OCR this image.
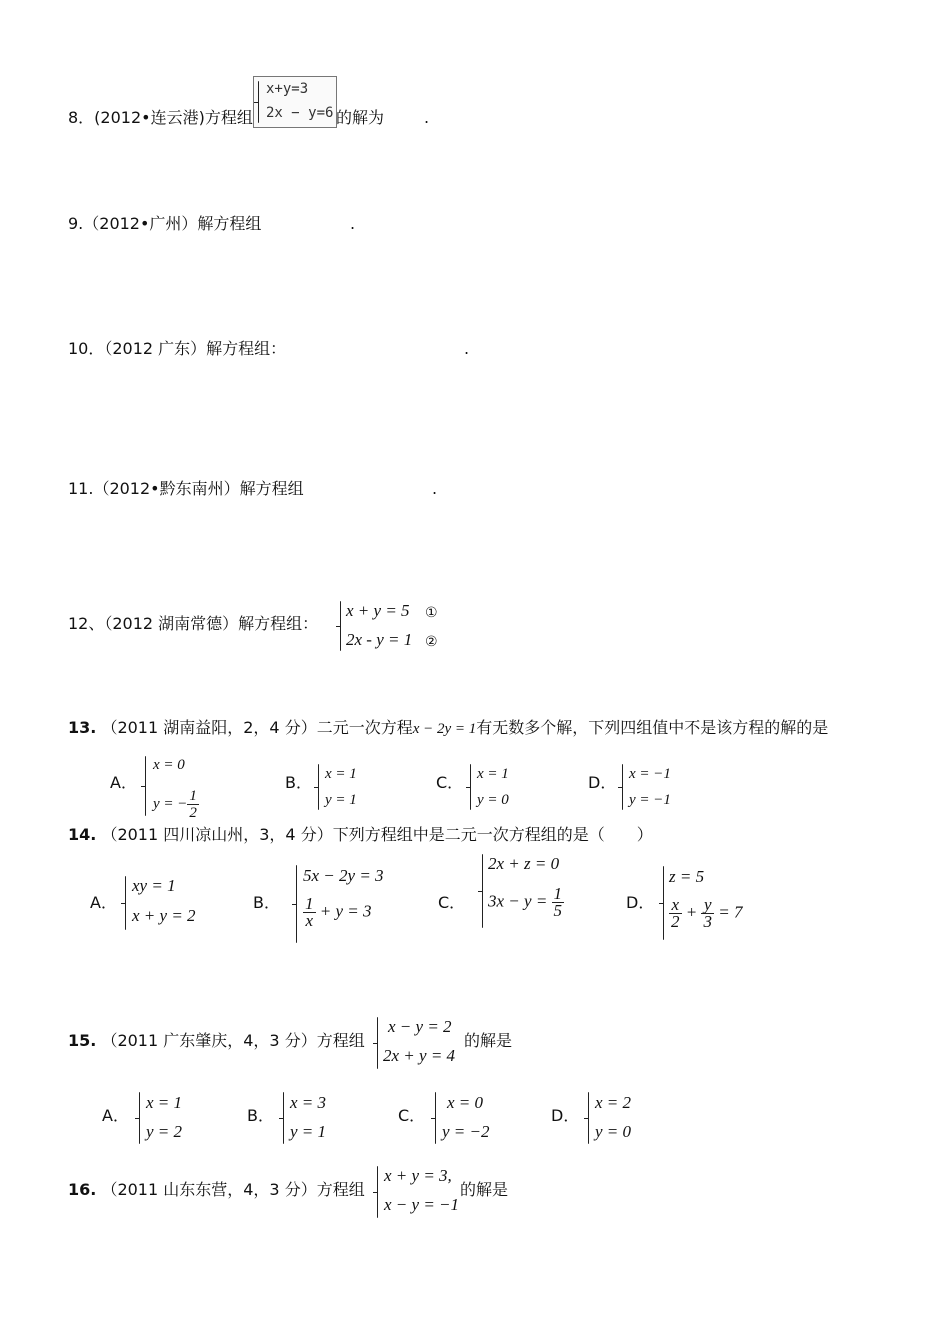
8．(2012•连云港)方程组
x+y=3
2x − y=6 的解为 .
9.（2012•广州）解方程组	.
10．（2012 广东）解方程组：	.
11.（2012•黔东南州）解方程组	.
12、（2012 湖南常德）解方程组：
x + y = 5
2x - y = 1
①
②
13. （2011 湖南益阳，2，4 分）二元一次方程x − 2y = 1有无数多个解，下列四组值中不是该方程的解的是
A．
x = 0
y = − $\frac{1}{2}$
B． x = 1
y = 1
C． x = 1
y = 0
D． x = −1
y = −1
14. （2011 四川凉山州，3，4 分）下列方程组中是二元一次方程组的是（　　）
A．
xy = 1
x + y = 2
B．
5x − 2y = 3
$\frac{1}{x} + y = 3$	C．
2x + z = 0
$3x - y = \frac{1}{5}$	D．
z = 5
$\frac{x}{2} + \frac{y}{3} = 7$
15. （2011 广东肇庆，4，3 分）方程组
x − y = 2
2x + y = 4
的解是
A．
x = 1
y = 2
B．
x = 3
y = 1
C．
x = 0
y = −2
D．
x = 2
y = 0
16. （2011 山东东营，4，3 分）方程组
x + y = 3,
x − y = −1
的解是
